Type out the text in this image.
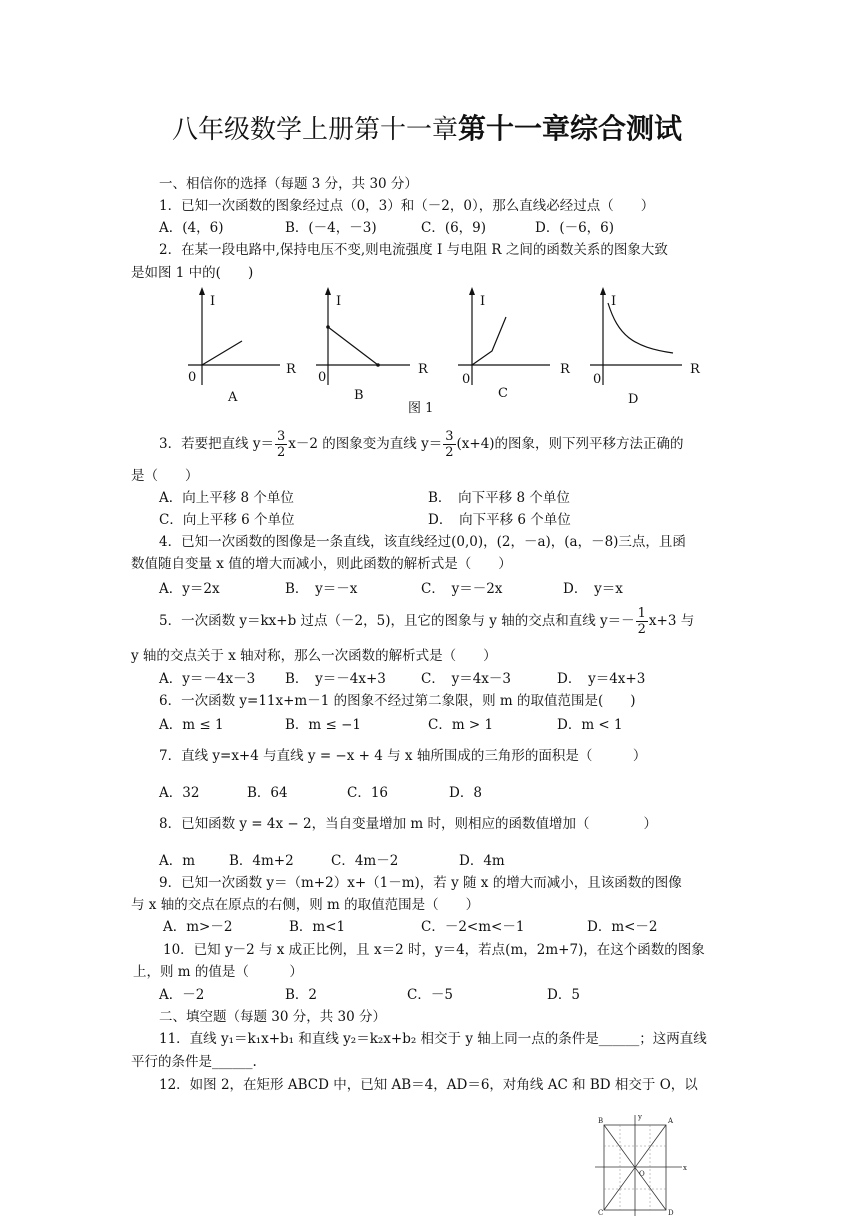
八年级数学上册第十一章第十一章综合测试
一、相信你的选择（每题 3 分，共 30 分）
1．已知一次函数的图象经过点（0，3）和（－2，0），那么直线必经过点（　　）
A．(4，6)	B．(－4，－3)	C．(6，9)	D．(－6，6)
2．在某一段电路中,保持电压不变,则电流强度 I 与电阻 R 之间的函数关系的图象大致
是如图 1 中的(　　)
I
R
0
A
I
R
0
B
I
R
0
C
I
R
0
D
图 1
3．若要把直线 $y= \frac{3}{2} x-2$ 的图象变为直线 $y= \frac{3}{2} (x+4)$的图象，则下列平移方法正确的
是（　　）
A．向上平移 8 个单位	B．　向下平移 8 个单位
C．向上平移 6 个单位	D．　向下平移 6 个单位
4．已知一次函数的图像是一条直线，该直线经过(0,0)，(2，－a)，(a，－8)三点，且函
数值随自变量 x 值的增大而减小，则此函数的解析式是（　　）
A．y＝2x	B．　y＝－x	C．　y＝－2x	D．　y＝x
5．一次函数 y＝kx+b 过点（－2，5)，且它的图象与 y 轴的交点和直线 $y=- \frac{1}{2} x+3$ 与
y 轴的交点关于 x 轴对称，那么一次函数的解析式是（　　）
A．y＝－4x－3 B．　y＝－4x+3	C．　y＝4x－3	D．　y＝4x+3
6．一次函数 y=11x+m－1 的图象不经过第二象限，则 m 的取值范围是(　　)
A．m ≤ 1	B．m ≤ −1	C．m > 1	D．m < 1
7．直线 y=x+4 与直线 y = −x + 4 与 x 轴所围成的三角形的面积是（　　　）
A．32	B．64	C．16	D．8
8．已知函数 y = 4x − 2，当自变量增加 m 时，则相应的函数值增加（　　　　）
A．m	B．4m+2	C．4m－2	D．4m
9．已知一次函数 y＝（m+2）x+（1－m)，若 y 随 x 的增大而减小，且该函数的图像
与 x 轴的交点在原点的右侧，则 m 的取值范围是（　　）
A．m>－2	B．m<1	C．－2<m<－1	D．m<－2
10．已知 y－2 与 x 成正比例，且 x＝2 时，y＝4，若点(m，2m+7)，在这个函数的图象
上，则 m 的值是（　　　）
A．－2	B．2	C．－5	D．5
二、填空题（每题 30 分，共 30 分）
11．直线 y₁＝k₁x+b₁ 和直线 y₂＝k₂x+b₂ 相交于 y 轴上同一点的条件是______；这两直线
平行的条件是______.
12．如图 2，在矩形 ABCD 中，已知 AB＝4，AD＝6，对角线 AC 和 BD 相交于 O，以
B	A
C	D
O
y
x
